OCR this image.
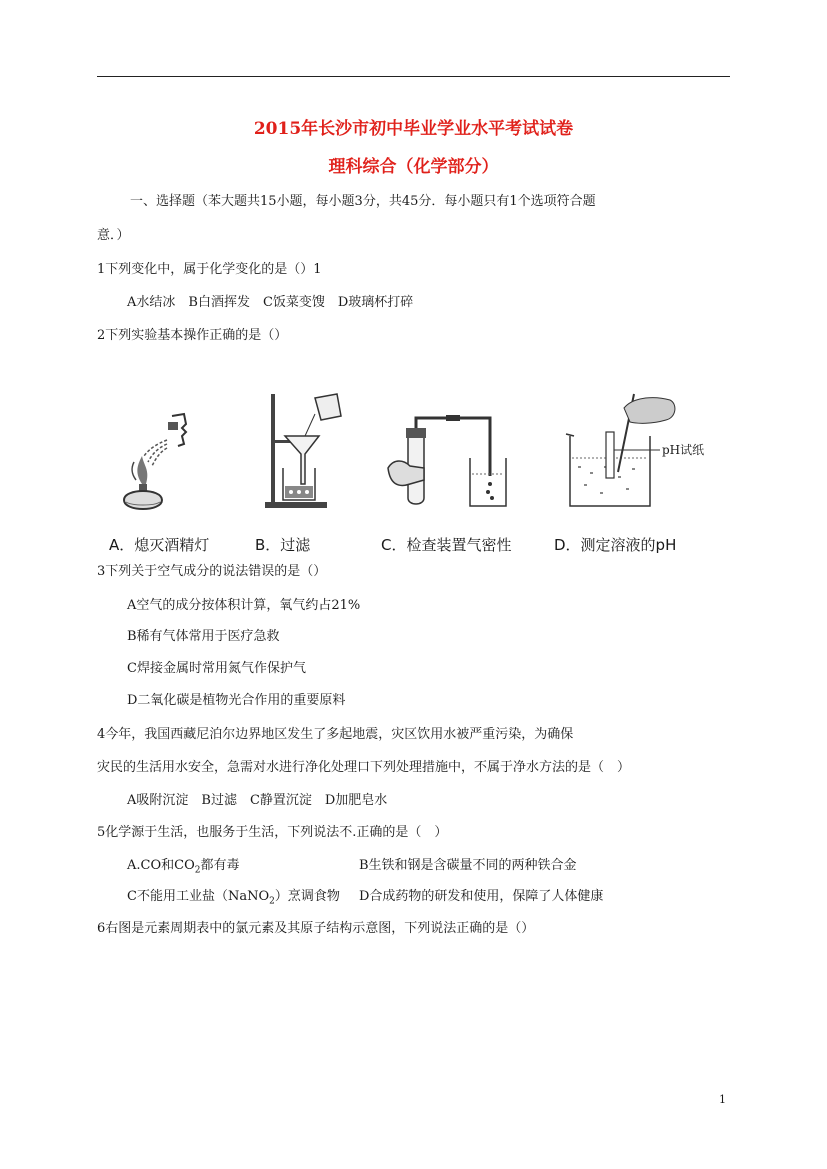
2015年长沙市初中毕业学业水平考试试卷
理科综合（化学部分）
一、选择题（苯大题共15小题，每小题3分，共45分．每小题只有1个选项符合题
意．）
1下列变化中，属于化学变化的是（）1
A水结冰　B白酒挥发　C饭菜变馊　D玻璃杯打碎
2下列实验基本操作正确的是（）
pH试纸
A．熄灭酒精灯	B．过滤	C．检查装置气密性	D．测定溶液的pH
3下列关于空气成分的说法错误的是（）
A空气的成分按体积计算，氧气约占21%
B稀有气体常用于医疗急救
C焊接金属时常用氮气作保护气
D二氧化碳是植物光合作用的重要原料
4今年，我国西藏尼泊尔边界地区发生了多起地震，灾区饮用水被严重污染，为确保
灾民的生活用水安全，急需对水进行净化处理口下列处理措施中，不属于净水方法的是（　）
A吸附沉淀　B过滤　C静置沉淀　D加肥皂水
5化学源于生活，也服务于生活，下列说法不.正确的是（　）
A.CO和$CO_2$都有毒	B生铁和钢是含碳量不同的两种铁合金
C不能用工业盐（NaNO$_2$）烹调食物 D合成药物的研发和使用，保障了人体健康
6右图是元素周期表中的氯元素及其原子结构示意图，下列说法正确的是（）
1
